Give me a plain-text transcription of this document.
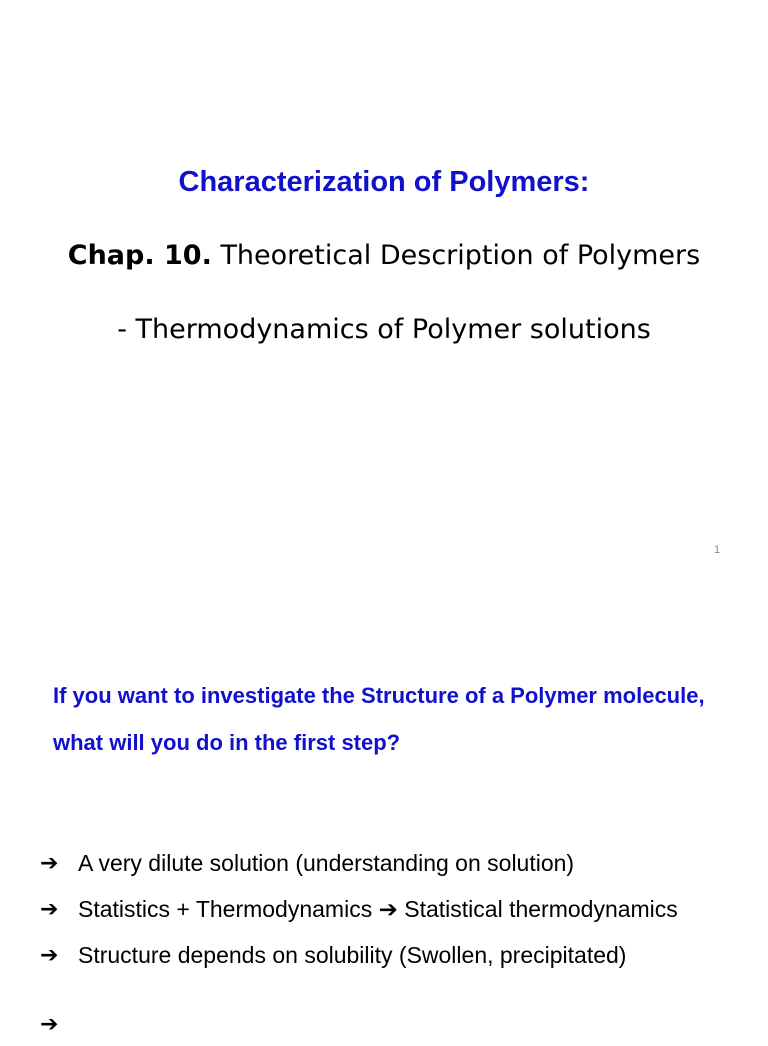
Characterization of Polymers:
Chap. 10. Theoretical Description of Polymers
- Thermodynamics of Polymer solutions
1
If you want to investigate the Structure of a Polymer molecule, what will you do in the first step?
➔ A very dilute solution (understanding on solution)
➔ Statistics + Thermodynamics ➔ Statistical thermodynamics
➔ Structure depends on solubility (Swollen, precipitated)
➔
